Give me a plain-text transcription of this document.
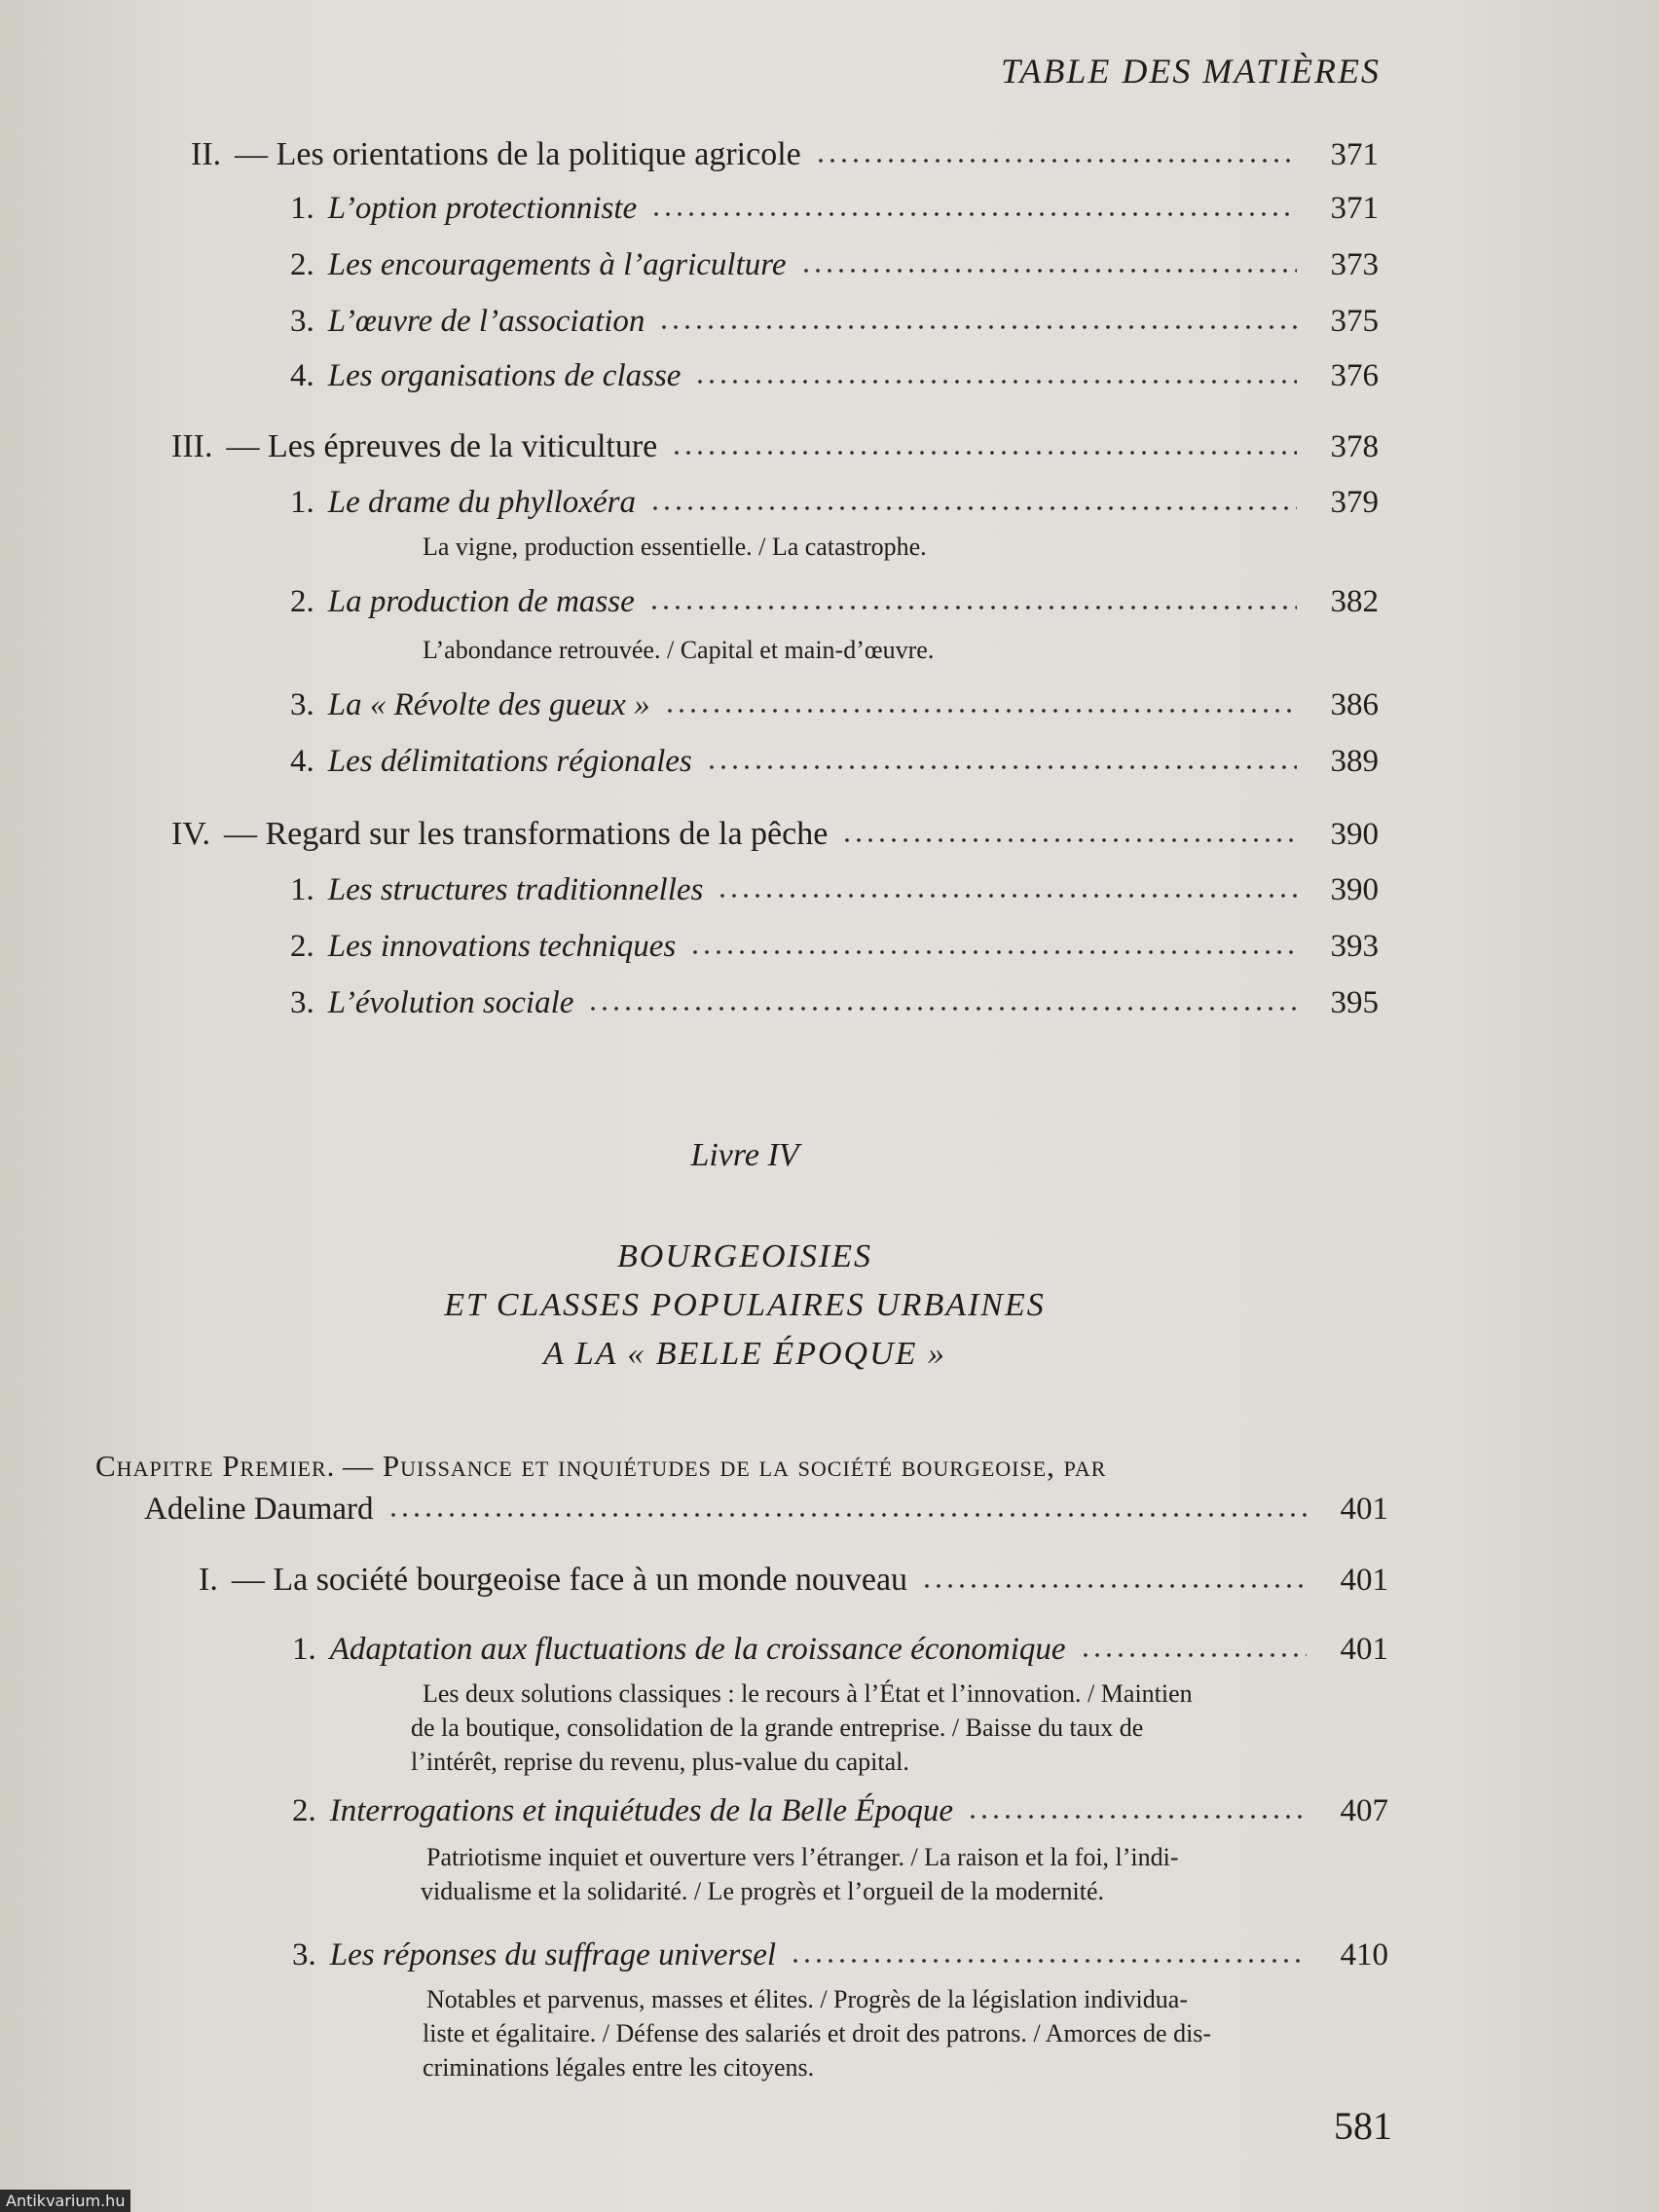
TABLE DES MATIÈRES
II. — Les orientations de la politique agricole	371
1. L’option protectionniste	371
2. Les encouragements à l’agriculture	373
3. L’œuvre de l’association	375
4. Les organisations de classe	376
III. — Les épreuves de la viticulture	378
1. Le drame du phylloxéra	379
La vigne, production essentielle. / La catastrophe.
2. La production de masse	382
L’abondance retrouvée. / Capital et main-d’œuvre.
3. La « Révolte des gueux »	386
4. Les délimitations régionales	389
IV. — Regard sur les transformations de la pêche	390
1. Les structures traditionnelles	390
2. Les innovations techniques	393
3. L’évolution sociale	395
Livre IV
BOURGEOISIES
ET CLASSES POPULAIRES URBAINES
A LA « BELLE ÉPOQUE »
Chapitre Premier. — Puissance et inquiétudes de la société bourgeoise, par
Adeline Daumard	401
I. — La société bourgeoise face à un monde nouveau	401
1. Adaptation aux fluctuations de la croissance économique	401
Les deux solutions classiques : le recours à l’État et l’innovation. / Maintien
de la boutique, consolidation de la grande entreprise. / Baisse du taux de
l’intérêt, reprise du revenu, plus-value du capital.
2. Interrogations et inquiétudes de la Belle Époque	407
Patriotisme inquiet et ouverture vers l’étranger. / La raison et la foi, l’indi-
vidualisme et la solidarité. / Le progrès et l’orgueil de la modernité.
3. Les réponses du suffrage universel	410
Notables et parvenus, masses et élites. / Progrès de la législation individua-
liste et égalitaire. / Défense des salariés et droit des patrons. / Amorces de dis-
criminations légales entre les citoyens.
581
Antikvarium.hu
